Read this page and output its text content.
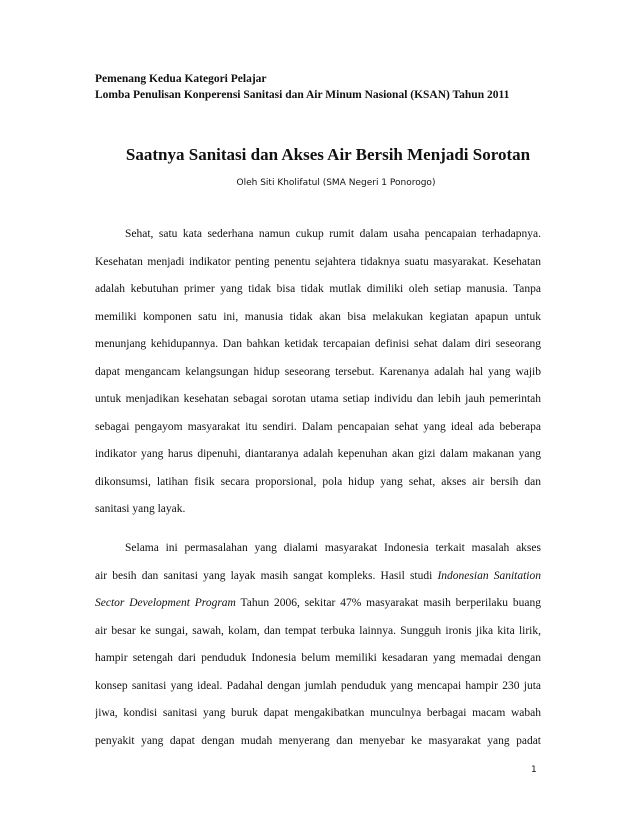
Pemenang Kedua Kategori Pelajar
Lomba Penulisan Konperensi Sanitasi dan Air Minum Nasional (KSAN) Tahun 2011
Saatnya Sanitasi dan Akses Air Bersih Menjadi Sorotan
Oleh Siti Kholifatul (SMA Negeri 1 Ponorogo)
Sehat, satu kata sederhana namun cukup rumit dalam usaha pencapaian terhadapnya.
Kesehatan menjadi indikator penting penentu sejahtera tidaknya suatu masyarakat. Kesehatan
adalah kebutuhan primer yang tidak bisa tidak mutlak dimiliki oleh setiap manusia. Tanpa
memiliki komponen satu ini, manusia tidak akan bisa melakukan kegiatan apapun untuk
menunjang kehidupannya. Dan bahkan ketidak tercapaian definisi sehat dalam diri seseorang
dapat mengancam kelangsungan hidup seseorang tersebut. Karenanya adalah hal yang wajib
untuk menjadikan kesehatan sebagai sorotan utama setiap individu dan lebih jauh pemerintah
sebagai pengayom masyarakat itu sendiri. Dalam pencapaian sehat yang ideal ada beberapa
indikator yang harus dipenuhi, diantaranya adalah kepenuhan akan gizi dalam makanan yang
dikonsumsi, latihan fisik secara proporsional, pola hidup yang sehat, akses air bersih dan
sanitasi yang layak.
Selama ini permasalahan yang dialami masyarakat Indonesia terkait masalah akses
air besih dan sanitasi yang layak masih sangat kompleks. Hasil studi Indonesian Sanitation
Sector Development Program Tahun 2006, sekitar 47% masyarakat masih berperilaku buang
air besar ke sungai, sawah, kolam, dan tempat terbuka lainnya. Sungguh ironis jika kita lirik,
hampir setengah dari penduduk Indonesia belum memiliki kesadaran yang memadai dengan
konsep sanitasi yang ideal. Padahal dengan jumlah penduduk yang mencapai hampir 230 juta
jiwa, kondisi sanitasi yang buruk dapat mengakibatkan munculnya berbagai macam wabah
penyakit yang dapat dengan mudah menyerang dan menyebar ke masyarakat yang padat
1
